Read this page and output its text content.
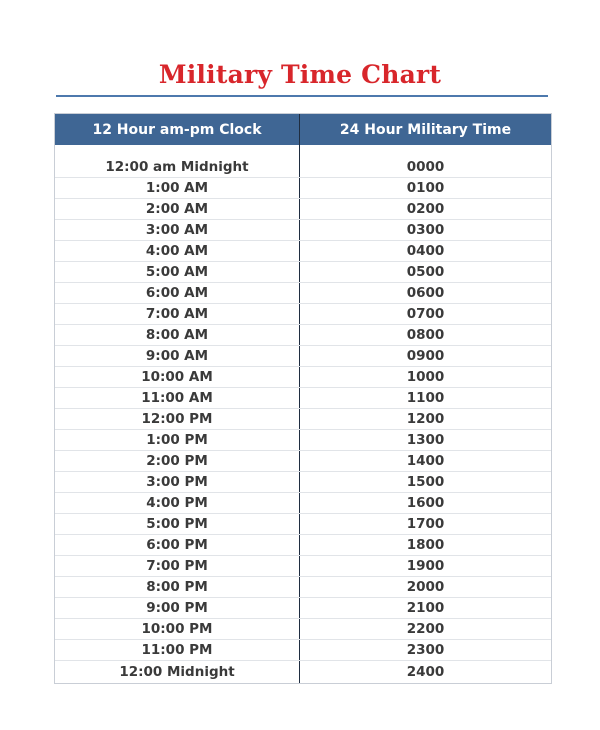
Military Time Chart
12 Hour am-pm Clock	24 Hour Military Time
12:00 am Midnight	0000
1:00 AM	0100
2:00 AM	0200
3:00 AM	0300
4:00 AM	0400
5:00 AM	0500
6:00 AM	0600
7:00 AM	0700
8:00 AM	0800
9:00 AM	0900
10:00 AM	1000
11:00 AM	1100
12:00 PM	1200
1:00 PM	1300
2:00 PM	1400
3:00 PM	1500
4:00 PM	1600
5:00 PM	1700
6:00 PM	1800
7:00 PM	1900
8:00 PM	2000
9:00 PM	2100
10:00 PM	2200
11:00 PM	2300
12:00 Midnight	2400
